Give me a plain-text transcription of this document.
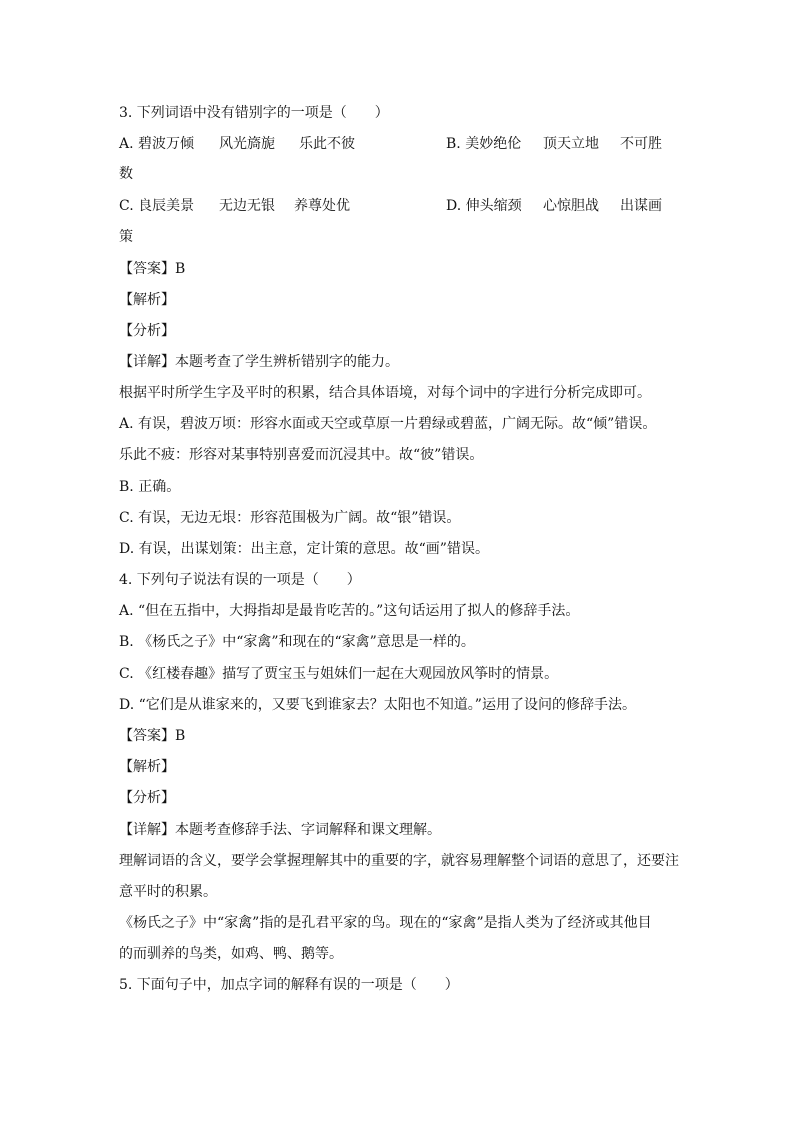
3. 下列词语中没有错别字的一项是（　　）
A. 碧波万倾 风光旖旎 乐此不彼	B. 美妙绝伦 顶天立地 不可胜
数
C. 良辰美景 无边无银 养尊处优	D. 伸头缩颈 心惊胆战 出谋画
策
【答案】B
【解析】
【分析】
【详解】本题考查了学生辨析错别字的能力。
根据平时所学生字及平时的积累，结合具体语境，对每个词中的字进行分析完成即可。
A. 有误，碧波万顷：形容水面或天空或草原一片碧绿或碧蓝，广阔无际。故“倾”错误。
乐此不疲：形容对某事特别喜爱而沉浸其中。故“彼”错误。
B. 正确。
C. 有误，无边无垠：形容范围极为广阔。故“银”错误。
D. 有误，出谋划策：出主意，定计策的意思。故“画”错误。
4. 下列句子说法有误的一项是（　　）
A. “但在五指中，大拇指却是最肯吃苦的。”这句话运用了拟人的修辞手法。
B. 《杨氏之子》中“家禽”和现在的“家禽”意思是一样的。
C. 《红楼春趣》描写了贾宝玉与姐妹们一起在大观园放风筝时的情景。
D. “它们是从谁家来的，又要飞到谁家去？太阳也不知道。”运用了设问的修辞手法。
【答案】B
【解析】
【分析】
【详解】本题考查修辞手法、字词解释和课文理解。
理解词语的含义，要学会掌握理解其中的重要的字，就容易理解整个词语的意思了，还要注
意平时的积累。
《杨氏之子》中“家禽”指的是孔君平家的鸟。现在的“家禽”是指人类为了经济或其他目
的而驯养的鸟类，如鸡、鸭、鹅等。
5. 下面句子中，加点字词的解释有误的一项是（　　）
